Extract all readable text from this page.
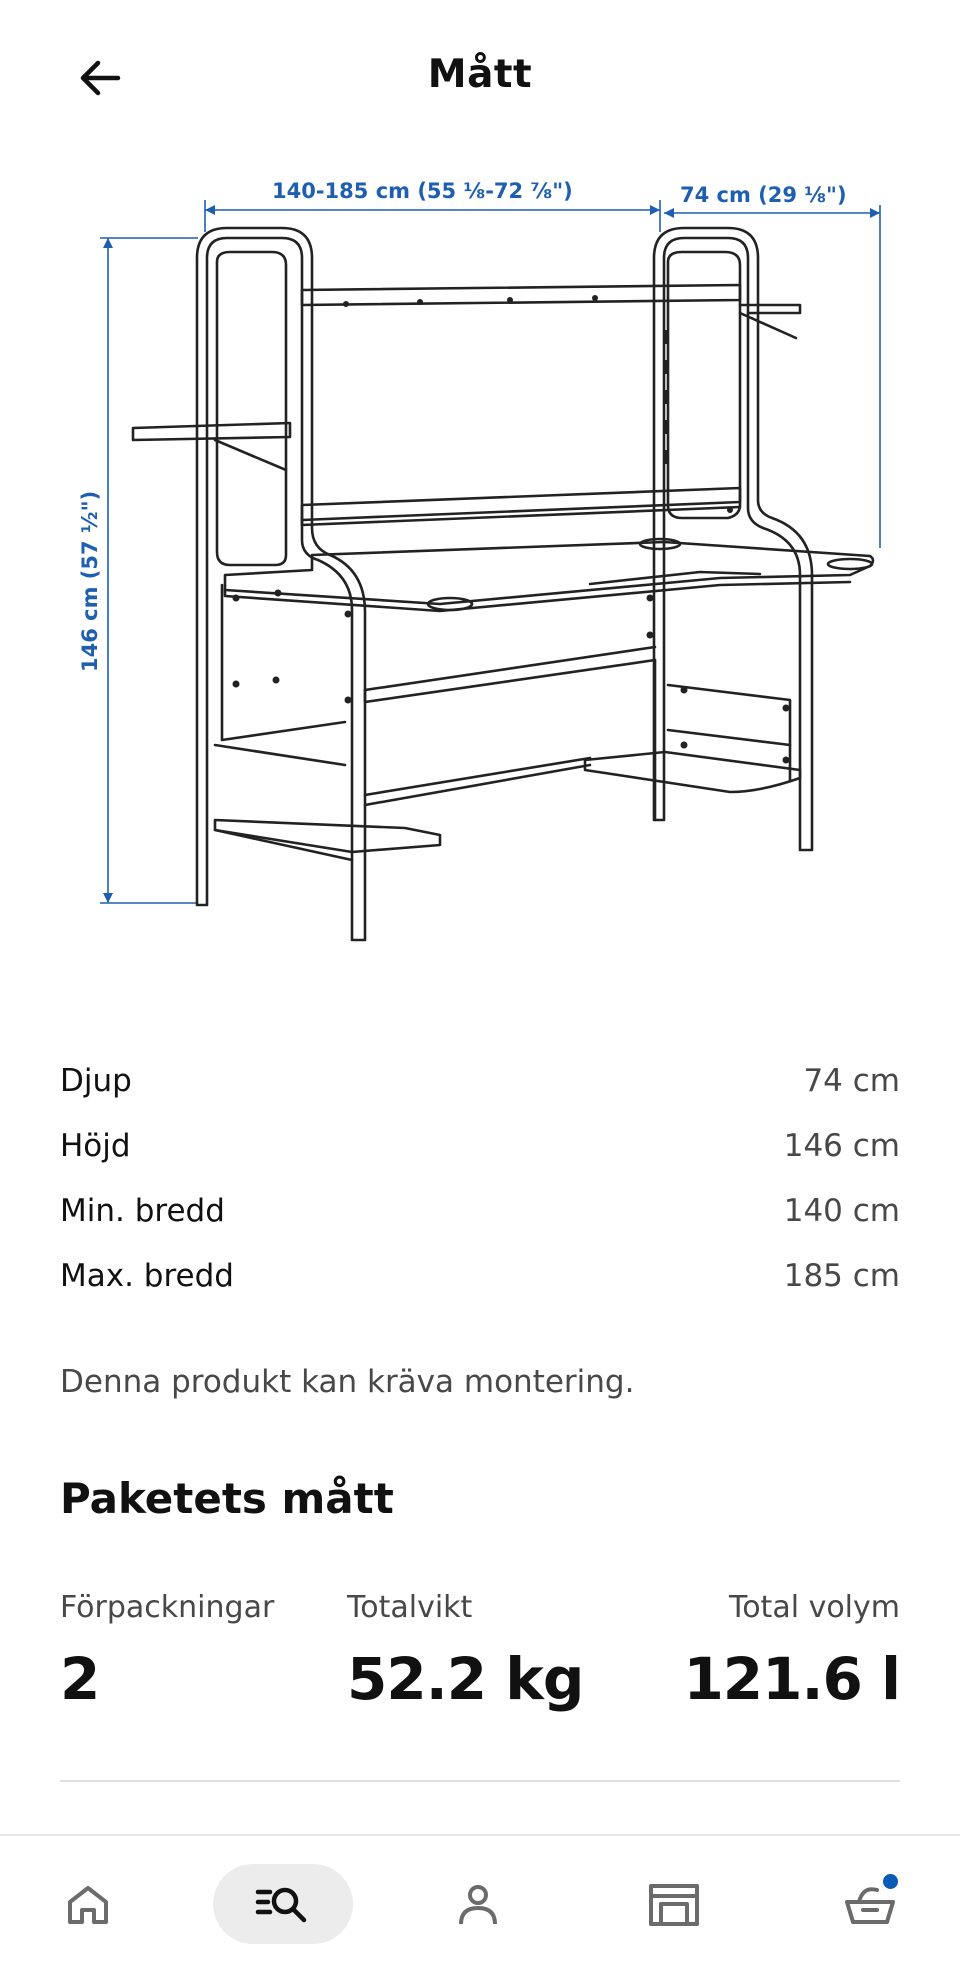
Mått
140-185 cm (55 ⅛-72 ⅞")	74 cm (29 ⅛")
146 cm (57 ½")
Djup	74 cm
Höjd	146 cm
Min. bredd	140 cm
Max. bredd	185 cm
Denna produkt kan kräva montering.
Paketets mått
Förpackningar
2
Totalvikt
52.2 kg
Total volym
121.6 l
